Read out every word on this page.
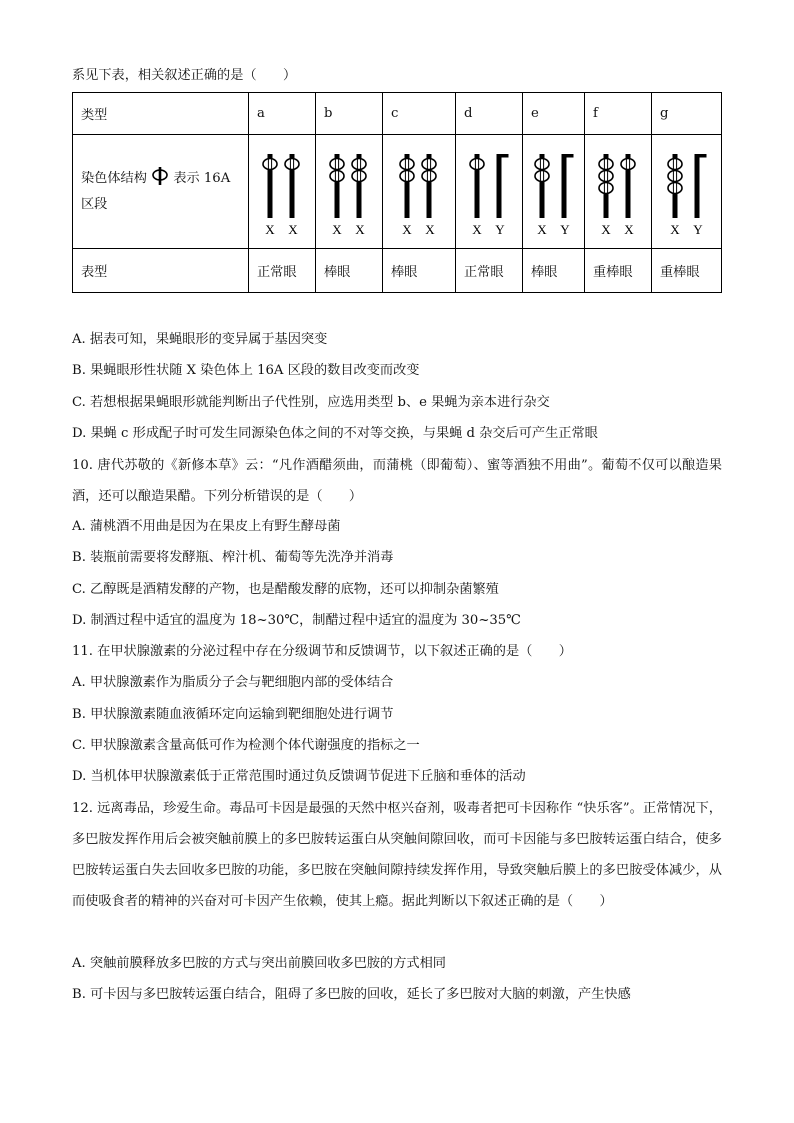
系见下表，相关叙述正确的是（　　）
类型	a	b	c	d	e	f	g
染色体结构 表示 16A
区段	X X	X X	X X	X Y	X Y	X X	X Y

表型	正常眼	棒眼	棒眼	正常眼	棒眼	重棒眼	重棒眼
A. 据表可知，果蝇眼形的变异属于基因突变
B. 果蝇眼形性状随 X 染色体上 16A 区段的数目改变而改变
C. 若想根据果蝇眼形就能判断出子代性别，应选用类型 b、e 果蝇为亲本进行杂交
D. 果蝇 c 形成配子时可发生同源染色体之间的不对等交换，与果蝇 d 杂交后可产生正常眼
10. 唐代苏敬的《新修本草》云：“凡作酒醋须曲，而蒲桃（即葡萄）、蜜等酒独不用曲”。葡萄不仅可以酿造果酒，还可以酿造果醋。下列分析错误的是（　　）
A. 蒲桃酒不用曲是因为在果皮上有野生酵母菌
B. 装瓶前需要将发酵瓶、榨汁机、葡萄等先洗净并消毒
C. 乙醇既是酒精发酵的产物，也是醋酸发酵的底物，还可以抑制杂菌繁殖
D. 制酒过程中适宜的温度为 18~30℃，制醋过程中适宜的温度为 30~35℃
11. 在甲状腺激素的分泌过程中存在分级调节和反馈调节，以下叙述正确的是（　　）
A. 甲状腺激素作为脂质分子会与靶细胞内部的受体结合
B. 甲状腺激素随血液循环定向运输到靶细胞处进行调节
C. 甲状腺激素含量高低可作为检测个体代谢强度的指标之一
D. 当机体甲状腺激素低于正常范围时通过负反馈调节促进下丘脑和垂体的活动
12. 远离毒品，珍爱生命。毒品可卡因是最强的天然中枢兴奋剂，吸毒者把可卡因称作 “快乐客”。正常情况下，多巴胺发挥作用后会被突触前膜上的多巴胺转运蛋白从突触间隙回收，而可卡因能与多巴胺转运蛋白结合，使多巴胺转运蛋白失去回收多巴胺的功能，多巴胺在突触间隙持续发挥作用，导致突触后膜上的多巴胺受体减少，从而使吸食者的精神的兴奋对可卡因产生依赖，使其上瘾。据此判断以下叙述正确的是（　　）
A. 突触前膜释放多巴胺的方式与突出前膜回收多巴胺的方式相同
B. 可卡因与多巴胺转运蛋白结合，阻碍了多巴胺的回收，延长了多巴胺对大脑的刺激，产生快感
